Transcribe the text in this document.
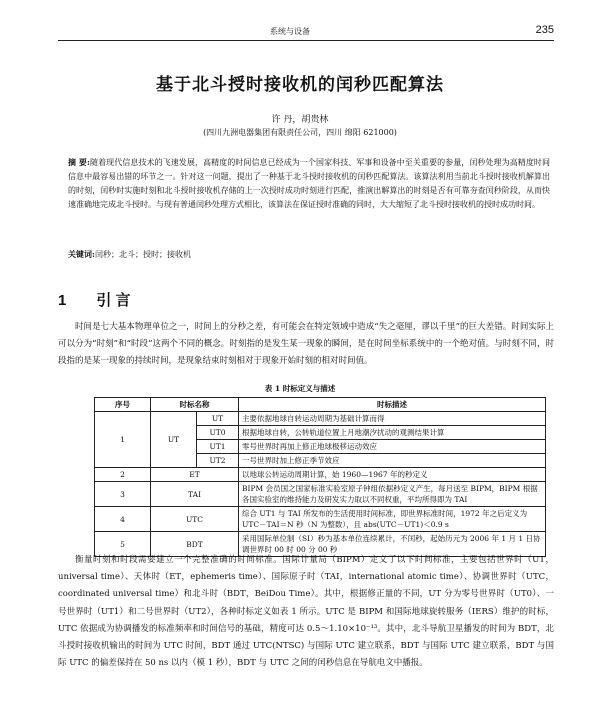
系统与设备	235
基于北斗授时接收机的闰秒匹配算法
许 丹，胡贵林
(四川九洲电器集团有限责任公司，四川 绵阳 621000)
摘 要:随着现代信息技术的飞速发展，高精度的时间信息已经成为一个国家科技、军事和设备中至关重要的参量，闰秒处理为高精度时间信息中最容易出错的环节之一。针对这一问题，提出了一种基于北斗授时接收机的闰秒匹配算法。该算法利用当前北斗授时接收机解算出的时刻，闰秒时实施时刻和北斗授时接收机存储的上一次授时成功时刻进行匹配，推演出解算出的时刻是否有可靠夯查闰秒阶段，从而快速准确地完成北斗授时。与现有普通闰秒处理方式相比，该算法在保证授时准确的同时，大大缩短了北斗授时接收机的授时成功时间。
关键词:闰秒；北斗；授时；接收机
1 引 言
时间是七大基本物理单位之一，时间上的分秒之差，有可能会在特定领域中造成“失之毫厘，谬以千里”的巨大差错。时间实际上可以分为“时刻”和“时段”这两个不同的概念。时刻指的是发生某一现象的瞬间，是在时间坐标系统中的一个绝对值。与时刻不同，时段指的是某一现象的持续时间，是现象结束时刻相对于现象开始时刻的相对时间值。
表 1 时标定义与描述
序号	时标名称		时标描述
1	UT	UT	主要依据地球自转运动周期为基础计算而得
		UT0	根据地球自转，公转轨道位置上月地潮汐扰动的观测结果计算
		UT1	零号世界时再加上修正地球极移运动效应
		UT2	一号世界时加上修正季节效应
2	ET		以地球公转运动周期计算，始 1960—1967 年的秒定义
3	TAI		BIPM 会员国之国家标准实验室原子钟组依据秒定义产生，每月送至 BIPM，BIPM 根据各国实验室的维持能力及研发实力取以不同权重，平均所得即为 TAI
4	UTC		综合 UT1 与 TAI 所发布的生活使用时间标准，即世界标准时间，1972 年之后定义为 UTC－TAI＝N 秒（N 为整数），且 abs(UTC－UT1)＜0.9 s
5	BDT		采用国际单位制（SI）秒为基本单位连续累计，不闰秒，起始历元为 2006 年 1 月 1 日协调世界时 00 时 00 分 00 秒
衡量时刻和时段需要建立一个完整准确的时间标准。国际计量局（BIPM）定义了以下时间标准，主要包括世界时（UT，universal time）、天体时（ET，ephemeris time）、国际原子时（TAI，international atomic time）、协调世界时（UTC，coordinated universal time）和北斗时（BDT，BeiDou Time）。其中，根据修正量的不同，UT 分为零号世界时（UT0）、一号世界时（UT1）和二号世界时（UT2），各种时标定义如表 1 所示。UTC 是 BIPM 和国际地球旋转服务（IERS）维护的时标，UTC 依据成为协调播发的标准频率和时间信号的基础，精度可达 0.5～1.10×10⁻¹³。其中，北斗导航卫星播发的时间为 BDT，北斗授时接收机输出的时间为 UTC 时间，BDT 通过 UTC(NTSC) 与国际 UTC 建立联系，BDT 与国际 UTC 建立联系，BDT 与国际 UTC 的偏差保持在 50 ns 以内（模 1 秒），BDT 与 UTC 之间的闰秒信息在导航电文中播报。
